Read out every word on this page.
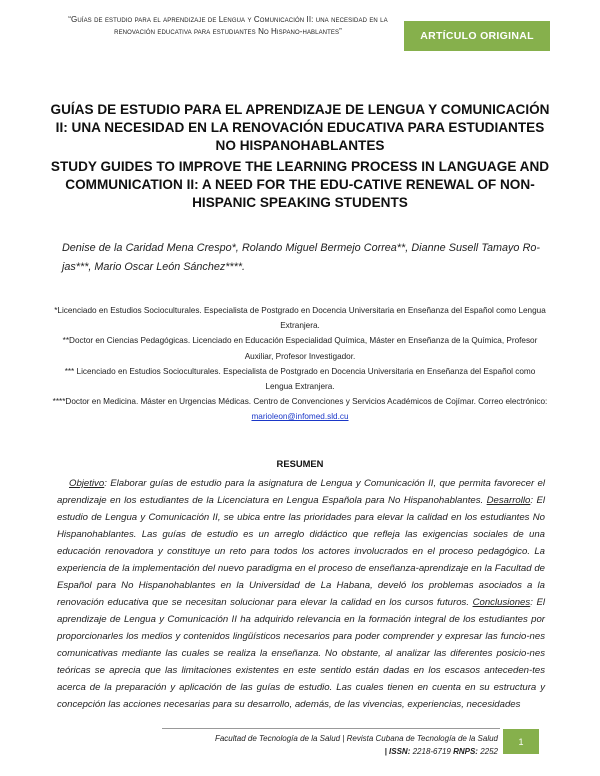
“Guías de estudio para el aprendizaje de Lengua y Comunicación II: una necesidad en la renovación educativa para estudiantes No Hispano-hablantes”	ARTÍCULO ORIGINAL
GUÍAS DE ESTUDIO PARA EL APRENDIZAJE DE LENGUA Y COMUNICACIÓN II: UNA NECESIDAD EN LA RENOVACIÓN EDUCATIVA PARA ESTUDIANTES NO HISPANOHABLANTES
STUDY GUIDES TO IMPROVE THE LEARNING PROCESS IN LANGUAGE AND COMMUNICATION II: A NEED FOR THE EDU-CATIVE RENEWAL OF NON-HISPANIC SPEAKING STUDENTS
Denise de la Caridad Mena Crespo*, Rolando Miguel Bermejo Correa**, Dianne Susell Tamayo Ro-jas***, Mario Oscar León Sánchez****.

*Licenciado en Estudios Socioculturales. Especialista de Postgrado en Docencia Universitaria en Enseñanza del Español como Lengua Extranjera.

**Doctor en Ciencias Pedagógicas. Licenciado en Educación Especialidad Química, Máster en Enseñanza de la Química, Profesor Auxiliar, Profesor Investigador.

*** Licenciado en Estudios Socioculturales. Especialista de Postgrado en Docencia Universitaria en Enseñanza del Español como Lengua Extranjera.

****Doctor en Medicina. Máster en Urgencias Médicas. Centro de Convenciones y Servicios Académicos de Cojímar. Correo electrónico: marioleon@infomed.sld.cu

RESUMEN
Objetivo: Elaborar guías de estudio para la asignatura de Lengua y Comunicación II, que permita favorecer el aprendizaje en los estudiantes de la Licenciatura en Lengua Española para No Hispanohablantes. Desarrollo: El estudio de Lengua y Comunicación II, se ubica entre las prioridades para elevar la calidad en los estudiantes No Hispanohablantes. Las guías de estudio es un arreglo didáctico que refleja las exigencias sociales de una educación renovadora y constituye un reto para todos los actores involucrados en el proceso pedagógico. La experiencia de la implementación del nuevo paradigma en el proceso de enseñanza-aprendizaje en la Facultad de Español para No Hispanohablantes en la Universidad de La Habana, develó los problemas asociados a la renovación educativa que se necesitan solucionar para elevar la calidad en los cursos futuros. Conclusiones: El aprendizaje de Lengua y Comunicación II ha adquirido relevancia en la formación integral de los estudiantes por proporcionarles los medios y contenidos lingüísticos necesarios para poder comprender y expresar las funcio-nes comunicativas mediante las cuales se realiza la enseñanza. No obstante, al analizar las diferentes posicio-nes teóricas se aprecia que las limitaciones existentes en este sentido están dadas en los escasos anteceden-tes acerca de la preparación y aplicación de las guías de estudio. Las cuales tienen en cuenta en su estructura y concepción las acciones necesarias para su desarrollo, además, de las vivencias, experiencias, necesidades
Facultad de Tecnología de la Salud | Revista Cubana de Tecnología de la Salud
| ISSN: 2218-6719 RNPS: 2252
1
